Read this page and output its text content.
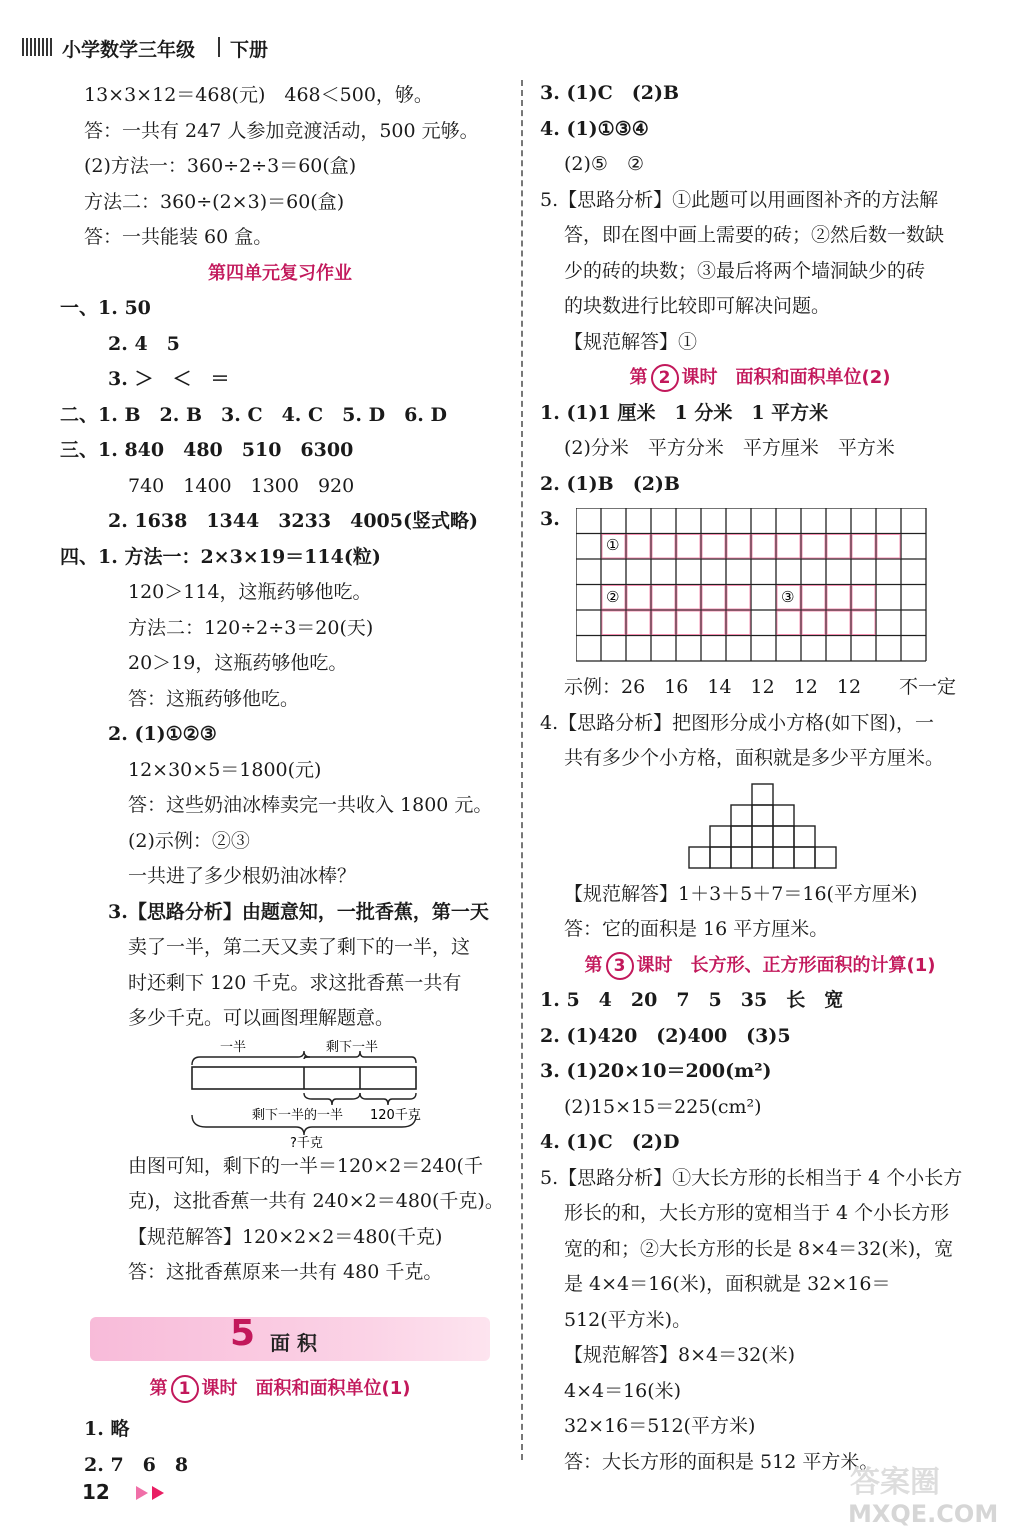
小学数学三年级 下册
13×3×12＝468(元)　468＜500，够。
答：一共有 247 人参加竞渡活动，500 元够。
(2)方法一：360÷2÷3＝60(盒)
方法二：360÷(2×3)＝60(盒)
答：一共能装 60 盒。
第四单元复习作业
一、1. 50
2. 4　5
3. ＞　＜　＝
二、1. B　2. B　3. C　4. C　5. D　6. D
三、1. 840　480　510　6300
740　1400　1300　920
2. 1638　1344　3233　4005(竖式略)
四、1. 方法一：2×3×19＝114(粒)
120＞114，这瓶药够他吃。
方法二：120÷2÷3＝20(天)
20＞19，这瓶药够他吃。
答：这瓶药够他吃。
2. (1)①②③
12×30×5＝1800(元)
答：这些奶油冰棒卖完一共收入 1800 元。
(2)示例：②③
一共进了多少根奶油冰棒？
3.【思路分析】由题意知，一批香蕉，第一天
卖了一半，第二天又卖了剩下的一半，这
时还剩下 120 千克。求这批香蕉一共有
多少千克。可以画图理解题意。
一半	剩下一半
剩下一半的一半 120千克
?千克
由图可知，剩下的一半＝120×2＝240(千
克)，这批香蕉一共有 240×2＝480(千克)。
【规范解答】120×2×2＝480(千克)
答：这批香蕉原来一共有 480 千克。
5 面 积
第 1 课时　面积和面积单位(1)
1. 略
2. 7　6　8
3. (1)C　(2)B
4. (1)①③④
(2)⑤　②
5.【思路分析】①此题可以用画图补齐的方法解
答，即在图中画上需要的砖；②然后数一数缺
少的砖的块数；③最后将两个墙洞缺少的砖
的块数进行比较即可解决问题。
【规范解答】①
第 2 课时　面积和面积单位(2)
1. (1)1 厘米　1 分米　1 平方米
(2)分米　平方分米　平方厘米　平方米
2. (1)B　(2)B
3.
①
②	③
示例：26　16　14　12　12　12　　不一定
4.【思路分析】把图形分成小方格(如下图)，一
共有多少个小方格，面积就是多少平方厘米。
【规范解答】1＋3＋5＋7＝16(平方厘米)
答：它的面积是 16 平方厘米。
第 3 课时　长方形、正方形面积的计算(1)
1. 5　4　20　7　5　35　长　宽
2. (1)420　(2)400　(3)5
3. (1)20×10＝200(m²)
(2)15×15＝225(cm²)
4. (1)C　(2)D
5.【思路分析】①大长方形的长相当于 4 个小长方
形长的和，大长方形的宽相当于 4 个小长方形
宽的和；②大长方形的长是 8×4＝32(米)，宽
是 4×4＝16(米)，面积就是 32×16＝
512(平方米)。
【规范解答】8×4＝32(米)
4×4＝16(米)
32×16＝512(平方米)
答：大长方形的面积是 512 平方米。
12	答案圈
MXQE.COM
